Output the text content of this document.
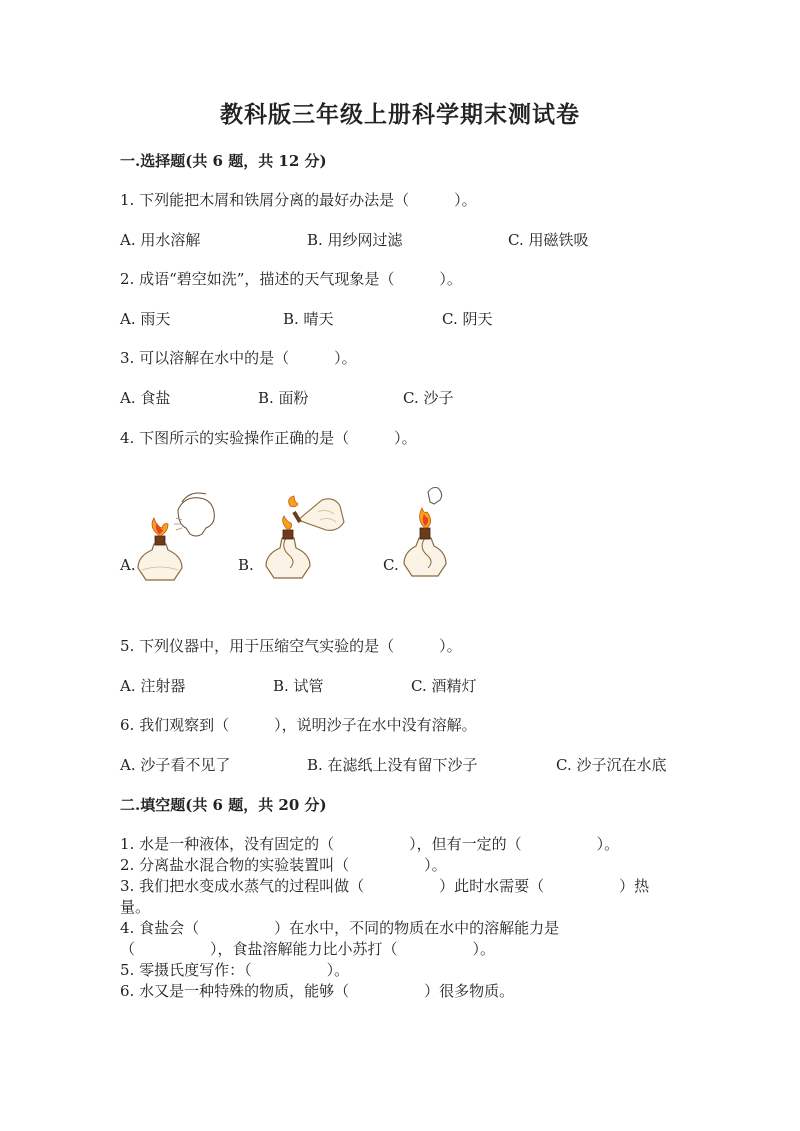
教科版三年级上册科学期末测试卷
一.选择题(共 6 题，共 12 分)
1. 下列能把木屑和铁屑分离的最好办法是（　　　）。
A. 用水溶解	B. 用纱网过滤	C. 用磁铁吸
2. 成语“碧空如洗”，描述的天气现象是（　　　）。
A. 雨天	B. 晴天	C. 阴天
3. 可以溶解在水中的是（　　　）。
A. 食盐	B. 面粉	C. 沙子
4. 下图所示的实验操作正确的是（　　　）。
A.	B.	C.
5. 下列仪器中，用于压缩空气实验的是（　　　）。
A. 注射器	B. 试管	C. 酒精灯
6. 我们观察到（　　　），说明沙子在水中没有溶解。
A. 沙子看不见了	B. 在滤纸上没有留下沙子	C. 沙子沉在水底
二.填空题(共 6 题，共 20 分)
1. 水是一种液体，没有固定的（　　　　　），但有一定的（　　　　　）。
2. 分离盐水混合物的实验装置叫（　　　　　）。
3. 我们把水变成水蒸气的过程叫做（　　　　　）此时水需要（　　　　　）热
量。
4. 食盐会（　　　　　）在水中，不同的物质在水中的溶解能力是
（　　　　　），食盐溶解能力比小苏打（　　　　　）。
5. 零摄氏度写作：（　　　　　）。
6. 水又是一种特殊的物质，能够（　　　　　）很多物质。
